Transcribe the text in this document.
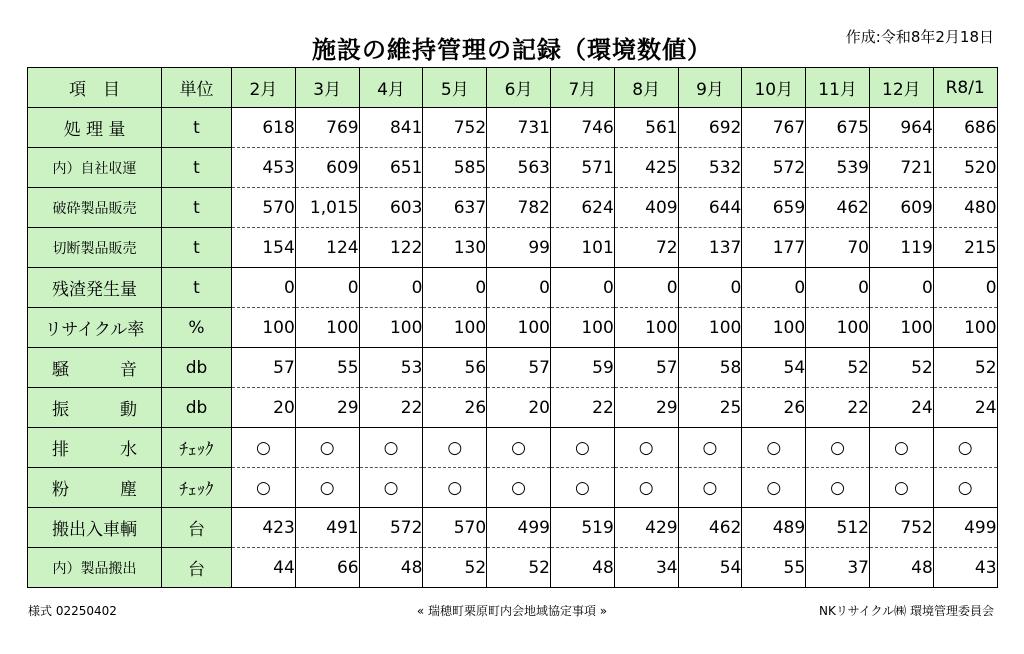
施設の維持管理の記録（環境数値）	作成:令和8年2月18日
項　目	単位	2月	3月	4月	5月	6月	7月	8月	9月	10月	11月	12月	R8/1
処 理 量	t	618	769	841	752	731	746	561	692	767	675	964	686
内）自社収運	t	453	609	651	585	563	571	425	532	572	539	721	520
破砕製品販売	t	570	1,015	603	637	782	624	409	644	659	462	609	480
切断製品販売	t	154	124	122	130	99	101	72	137	177	70	119	215
残渣発生量	t	0	0	0	0	0	0	0	0	0	0	0	0
リサイクル率	%	100	100	100	100	100	100	100	100	100	100	100	100
騒　　　音	db	57	55	53	56	57	59	57	58	54	52	52	52
振　　　動	db	20	29	22	26	20	22	29	25	26	22	24	24
排　　　水	ﾁｪｯｸ	○	○	○	○	○	○	○	○	○	○	○	○
粉　　　塵	ﾁｪｯｸ	○	○	○	○	○	○	○	○	○	○	○	○
搬出入車輌	台	423	491	572	570	499	519	429	462	489	512	752	499
内）製品搬出	台	44	66	48	52	52	48	34	54	55	37	48	43
様式 02250402	« 瑞穂町栗原町内会地域協定事項 »	NKリサイクル㈱ 環境管理委員会
